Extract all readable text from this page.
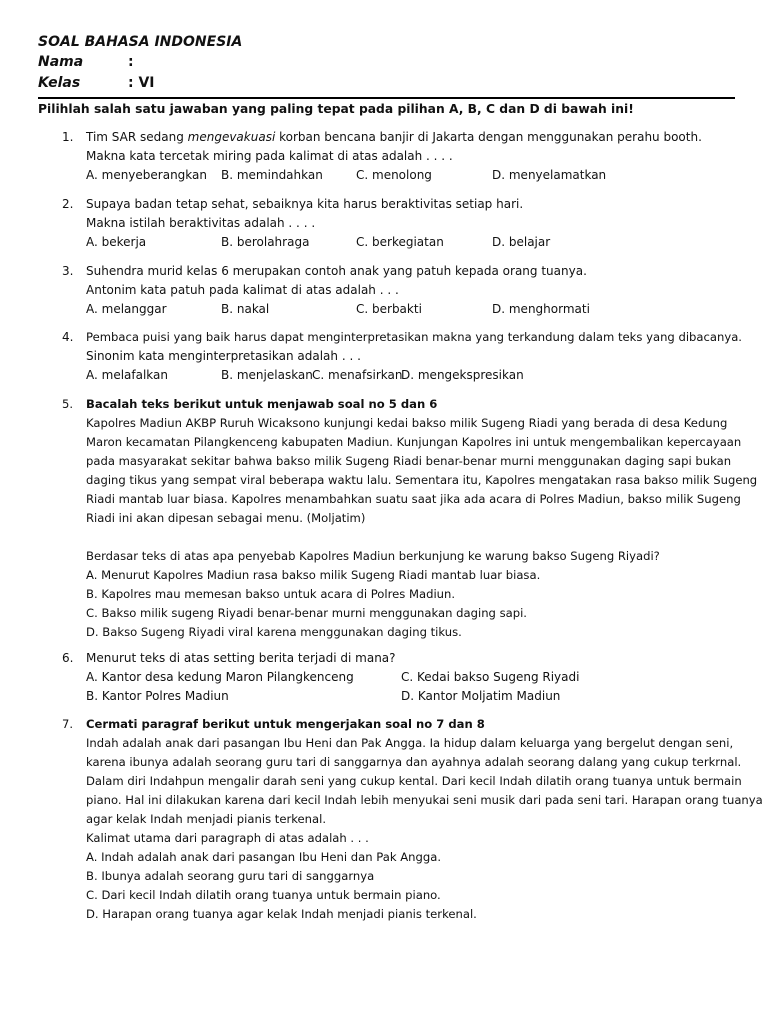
SOAL BAHASA INDONESIA
Nama	:
Kelas	: VI
Pilihlah salah satu jawaban yang paling tepat pada pilihan A, B, C dan D di bawah ini!
1. Tim SAR sedang mengevakuasi korban bencana banjir di Jakarta dengan menggunakan perahu booth.
Makna kata tercetak miring pada kalimat di atas adalah . . . .
A. menyeberangkan B. memindahkan	C. menolong	D. menyelamatkan
2. Supaya badan tetap sehat, sebaiknya kita harus beraktivitas setiap hari.
Makna istilah beraktivitas adalah . . . .
A. bekerja	B. berolahraga	C. berkegiatan	D. belajar
3. Suhendra murid kelas 6 merupakan contoh anak yang patuh kepada orang tuanya.
Antonim kata patuh pada kalimat di atas adalah . . .
A. melanggar	B. nakal	C. berbakti	D. menghormati
4. Pembaca puisi yang baik harus dapat menginterpretasikan makna yang terkandung dalam teks yang dibacanya.
Sinonim kata menginterpretasikan adalah . . .
A. melafalkan	B. menjelaskan C. menafsirkan
D. mengekspresikan
5. Bacalah teks berikut untuk menjawab soal no 5 dan 6
Kapolres Madiun AKBP Ruruh Wicaksono kunjungi kedai bakso milik Sugeng Riadi yang berada di desa Kedung
Maron kecamatan Pilangkenceng kabupaten Madiun. Kunjungan Kapolres ini untuk mengembalikan kepercayaan
pada masyarakat sekitar bahwa bakso milik Sugeng Riadi benar-benar murni menggunakan daging sapi bukan
daging tikus yang sempat viral beberapa waktu lalu. Sementara itu, Kapolres mengatakan rasa bakso milik Sugeng
Riadi mantab luar biasa. Kapolres menambahkan suatu saat jika ada acara di Polres Madiun, bakso milik Sugeng
Riadi ini akan dipesan sebagai menu. (Moljatim)
Berdasar teks di atas apa penyebab Kapolres Madiun berkunjung ke warung bakso Sugeng Riyadi?
A. Menurut Kapolres Madiun rasa bakso milik Sugeng Riadi mantab luar biasa.
B. Kapolres mau memesan bakso untuk acara di Polres Madiun.
C. Bakso milik sugeng Riyadi benar-benar murni menggunakan daging sapi.
D. Bakso Sugeng Riyadi viral karena menggunakan daging tikus.
6. Menurut teks di atas setting berita terjadi di mana?
A. Kantor desa kedung Maron Pilangkenceng	C. Kedai bakso Sugeng Riyadi
B. Kantor Polres Madiun	D. Kantor Moljatim Madiun
7. Cermati paragraf berikut untuk mengerjakan soal no 7 dan 8
Indah adalah anak dari pasangan Ibu Heni dan Pak Angga. Ia hidup dalam keluarga yang bergelut dengan seni,
karena ibunya adalah seorang guru tari di sanggarnya dan ayahnya adalah seorang dalang yang cukup terkrnal.
Dalam diri Indahpun mengalir darah seni yang cukup kental. Dari kecil Indah dilatih orang tuanya untuk bermain
piano. Hal ini dilakukan karena dari kecil Indah lebih menyukai seni musik dari pada seni tari. Harapan orang tuanya
agar kelak Indah menjadi pianis terkenal.
Kalimat utama dari paragraph di atas adalah . . .
A. Indah adalah anak dari pasangan Ibu Heni dan Pak Angga.
B. Ibunya adalah seorang guru tari di sanggarnya
C. Dari kecil Indah dilatih orang tuanya untuk bermain piano.
D. Harapan orang tuanya agar kelak Indah menjadi pianis terkenal.
